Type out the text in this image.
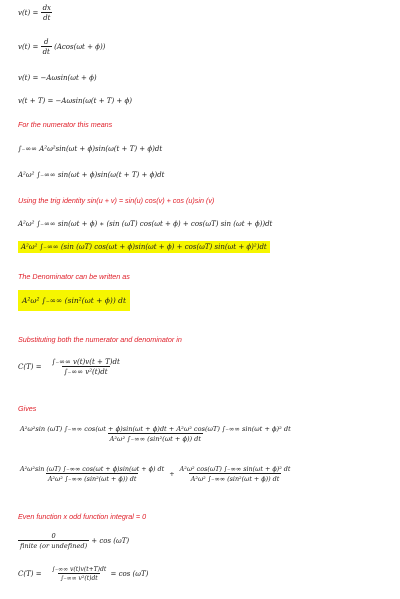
$v(t) = \frac{dx}{dt}$
$v(t) = \frac{d}{dt} (Acos(\omega t + \phi))$
v(t) = −Aωsin(ωt + ϕ)
v(t + T) = −Aωsin(ω(t + T) + ϕ)
For the numerator this means
∫₋∞∞ A²ω²sin(ωt + ϕ)sin(ω(t + T) + ϕ)dt
A²ω² ∫₋∞∞ sin(ωt + ϕ)sin(ω(t + T) + ϕ)dt
Using the trig identity sin(u + v) = sin(u) cos(v) + cos (u)sin (v)
A²ω² ∫₋∞∞ sin(ωt + ϕ) ∗ (sin (ωT) cos(ωt + ϕ) + cos(ωT) sin (ωt + ϕ))dt
A²ω² ∫₋∞∞ (sin (ωT) cos(ωt + ϕ)sin(ωt + ϕ) + cos(ωT) sin(ωt + ϕ)²)dt
The Denominator can be written as
A²ω² ∫₋∞∞ (sin²(ωt + ϕ)) dt
Substituting both the numerator and denominator in
$C(T) = \frac{\int_-\infty\infty v(t)v(t + T)dt}{\text{∫₋∞∞ v²(t)dt}}$
Gives
A²ω²sin (ωT) ∫₋∞∞ cos(ωt + ϕ)sin(ωt + ϕ)dt + A²ω² cos(ωT) ∫₋∞∞ sin(ωt + ϕ)² dt
A²ω² ∫₋∞∞ (sin²(ωt + ϕ)) dt
$\frac{\text{A²ω²sin (ωT) ∫₋∞∞ cos(ωt + ϕ)sin(ωt + ϕ) dt}}{\text{A²ω² ∫₋∞∞ (sin²(ωt + ϕ)) dt}} + \frac{\text{A²ω² cos(ωT) ∫₋∞∞ sin(ωt + ϕ)² dt}}{\text{A²ω² ∫₋∞∞ (sin²(ωt + ϕ)) dt}}$
Even function x odd function integral = 0
$\frac{0}{\text{finite (or undefined)}} + \cos (\omega T)$
$C(T) = \frac{\int_-\infty\infty v(t)v(t+T)dt}{\text{∫₋∞∞ v²(t)dt}} = \cos (\omega T)$
